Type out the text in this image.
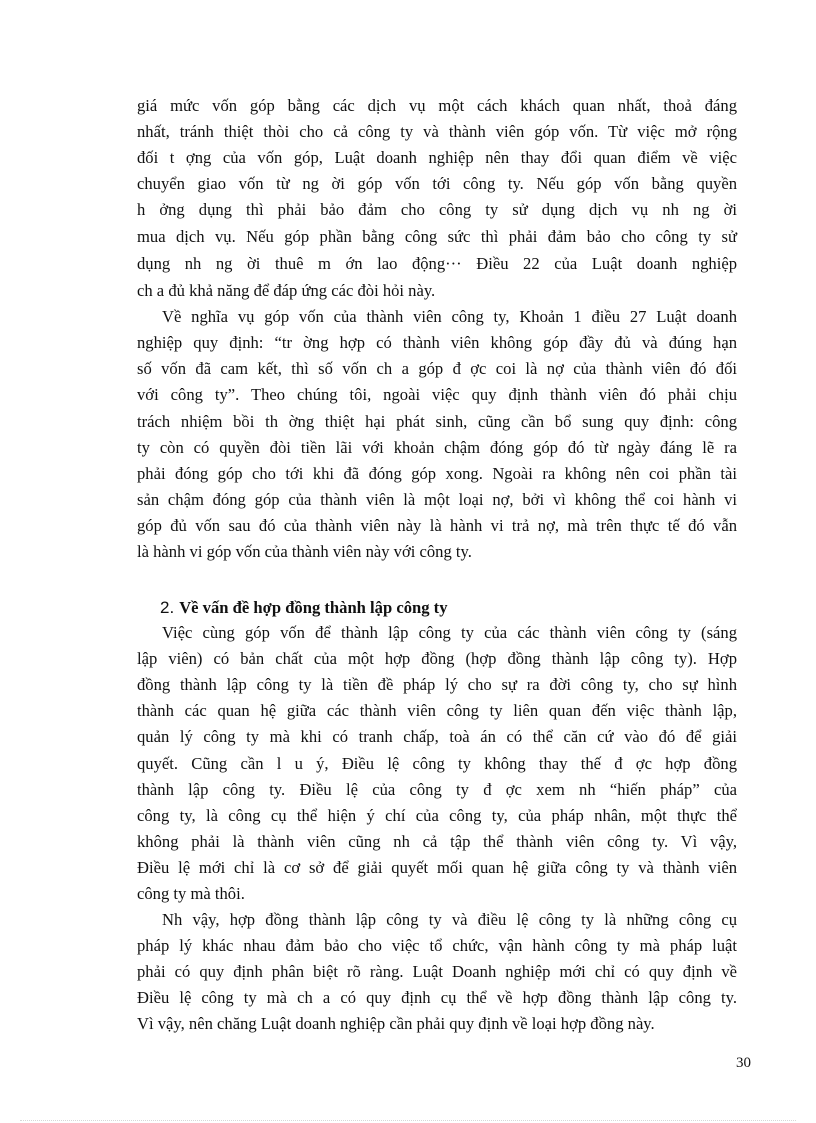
giá mức vốn góp bằng các dịch vụ một cách khách quan nhất, thoả đáng
nhất, tránh thiệt thòi cho cả công ty và thành viên góp vốn. Từ việc mở rộng
đối t ợng của vốn góp, Luật doanh nghiệp nên thay đổi quan điểm về việc
chuyển giao vốn từ ng ời góp vốn tới công ty. Nếu góp vốn bằng quyền
h ởng dụng thì phải bảo đảm cho công ty sử dụng dịch vụ nh ng ời
mua dịch vụ. Nếu góp phần bằng công sức thì phải đảm bảo cho công ty sử
dụng nh ng ời thuê m ớn lao động··· Điều 22 của Luật doanh nghiệp
ch a đủ khả năng để đáp ứng các đòi hỏi này.
Về nghĩa vụ góp vốn của thành viên công ty, Khoản 1 điều 27 Luật doanh
nghiệp quy định: “tr ờng hợp có thành viên không góp đầy đủ và đúng hạn
số vốn đã cam kết, thì số vốn ch a góp đ ợc coi là nợ của thành viên đó đối
với công ty”. Theo chúng tôi, ngoài việc quy định thành viên đó phải chịu
trách nhiệm bồi th ờng thiệt hại phát sinh, cũng cần bổ sung quy định: công
ty còn có quyền đòi tiền lãi với khoản chậm đóng góp đó từ ngày đáng lẽ ra
phải đóng góp cho tới khi đã đóng góp xong. Ngoài ra không nên coi phần tài
sản chậm đóng góp của thành viên là một loại nợ, bởi vì không thể coi hành vi
góp đủ vốn sau đó của thành viên này là hành vi trả nợ, mà trên thực tế đó vẫn
là hành vi góp vốn của thành viên này với công ty.
2. Về vấn đề hợp đồng thành lập công ty
Việc cùng góp vốn để thành lập công ty của các thành viên công ty (sáng
lập viên) có bản chất của một hợp đồng (hợp đồng thành lập công ty). Hợp
đồng thành lập công ty là tiền đề pháp lý cho sự ra đời công ty, cho sự hình
thành các quan hệ giữa các thành viên công ty liên quan đến việc thành lập,
quản lý công ty mà khi có tranh chấp, toà án có thể căn cứ vào đó để giải
quyết. Cũng cần l u ý, Điều lệ công ty không thay thế đ ợc hợp đồng
thành lập công ty. Điều lệ của công ty đ ợc xem nh “hiến pháp” của
công ty, là công cụ thể hiện ý chí của công ty, của pháp nhân, một thực thể
không phải là thành viên cũng nh cả tập thể thành viên công ty. Vì vậy,
Điều lệ mới chỉ là cơ sở để giải quyết mối quan hệ giữa công ty và thành viên
công ty mà thôi.
Nh vậy, hợp đồng thành lập công ty và điều lệ công ty là những công cụ
pháp lý khác nhau đảm bảo cho việc tổ chức, vận hành công ty mà pháp luật
phải có quy định phân biệt rõ ràng. Luật Doanh nghiệp mới chỉ có quy định về
Điều lệ công ty mà ch a có quy định cụ thể về hợp đồng thành lập công ty.
Vì vậy, nên chăng Luật doanh nghiệp cần phải quy định về loại hợp đồng này.
30
